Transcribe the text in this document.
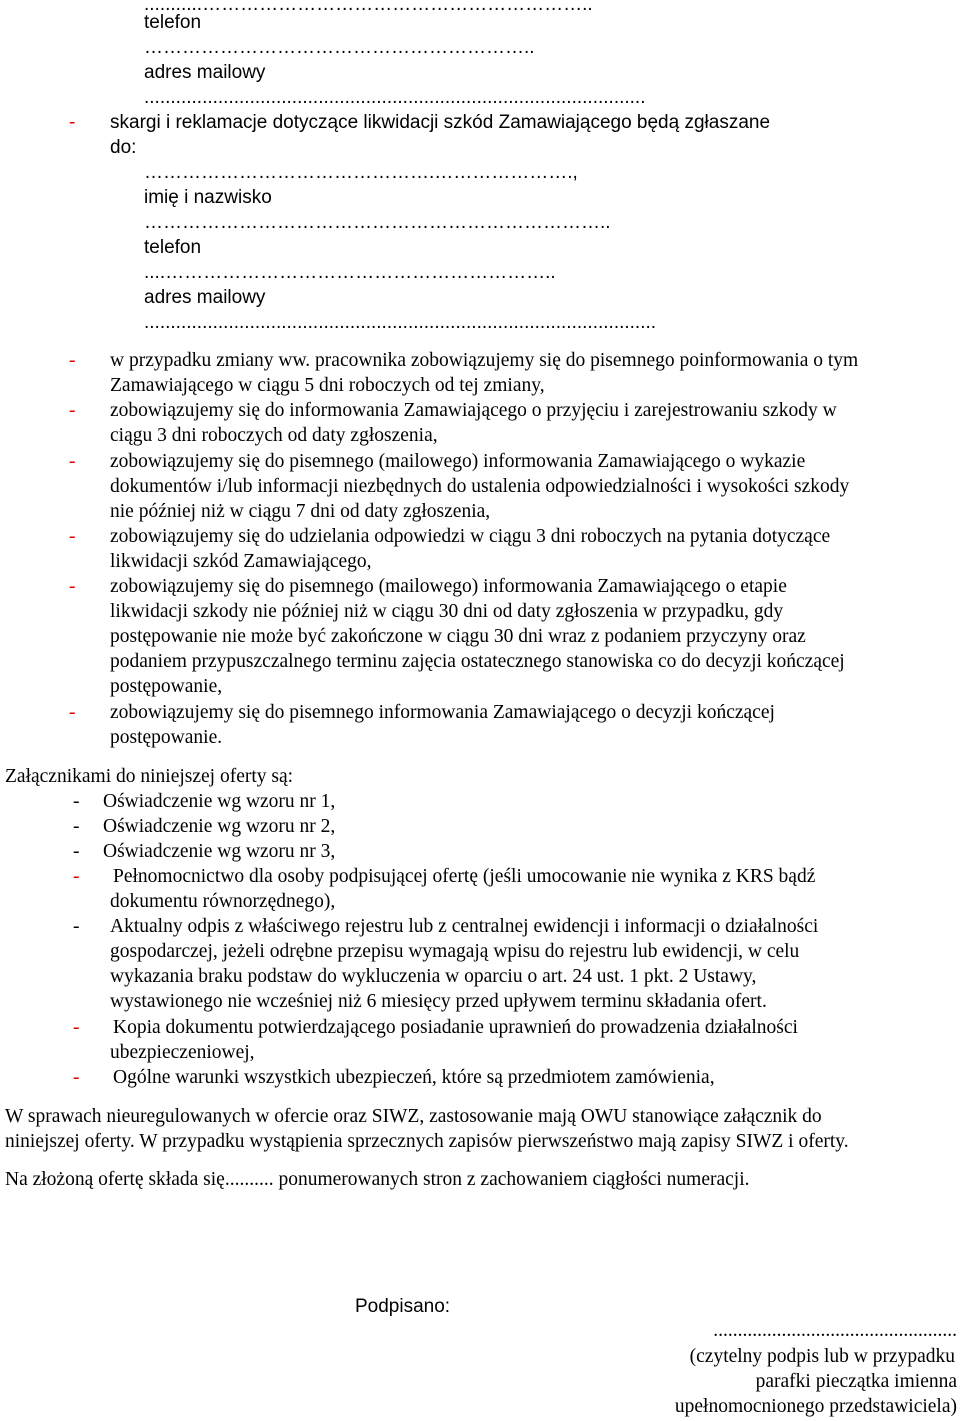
...........……………………………………………………..
telefon
……………………………………………………..
adres mailowy
...............................................................................................
- skargi i reklamacje dotyczące likwidacji szkód Zamawiającego będą zgłaszane
do:
……………………………………….………………….,
imię i nazwisko
………………………………………………………………..
telefon
....……………………………………………………..
adres mailowy
.................................................................................................
- w przypadku zmiany ww. pracownika zobowiązujemy się do pisemnego poinformowania o tym
Zamawiającego w ciągu 5 dni roboczych od tej zmiany,
- zobowiązujemy się do informowania Zamawiającego o przyjęciu i zarejestrowaniu szkody w
ciągu 3 dni roboczych od daty zgłoszenia,
- zobowiązujemy się do pisemnego (mailowego) informowania Zamawiającego o wykazie
dokumentów i/lub informacji niezbędnych do ustalenia odpowiedzialności i wysokości szkody
nie później niż w ciągu 7 dni od daty zgłoszenia,
- zobowiązujemy się do udzielania odpowiedzi w ciągu 3 dni roboczych na pytania dotyczące
likwidacji szkód Zamawiającego,
- zobowiązujemy się do pisemnego (mailowego) informowania Zamawiającego o etapie
likwidacji szkody nie później niż w ciągu 30 dni od daty zgłoszenia w przypadku, gdy
postępowanie nie może być zakończone w ciągu 30 dni wraz z podaniem przyczyny oraz
podaniem przypuszczalnego terminu zajęcia ostatecznego stanowiska co do decyzji kończącej
postępowanie,
- zobowiązujemy się do pisemnego informowania Zamawiającego o decyzji kończącej
postępowanie.
Załącznikami do niniejszej oferty są:
- Oświadczenie wg wzoru nr 1,
- Oświadczenie wg wzoru nr 2,
- Oświadczenie wg wzoru nr 3,
- Pełnomocnictwo dla osoby podpisującej ofertę (jeśli umocowanie nie wynika z KRS bądź
dokumentu równorzędnego),
- Aktualny odpis z właściwego rejestru lub z centralnej ewidencji i informacji o działalności
gospodarczej, jeżeli odrębne przepisu wymagają wpisu do rejestru lub ewidencji, w celu
wykazania braku podstaw do wykluczenia w oparciu o art. 24 ust. 1 pkt. 2 Ustawy,
wystawionego nie wcześniej niż 6 miesięcy przed upływem terminu składania ofert.
- Kopia dokumentu potwierdzającego posiadanie uprawnień do prowadzenia działalności
ubezpieczeniowej,
- Ogólne warunki wszystkich ubezpieczeń, które są przedmiotem zamówienia,
W sprawach nieuregulowanych w ofercie oraz SIWZ, zastosowanie mają OWU stanowiące załącznik do
niniejszej oferty. W przypadku wystąpienia sprzecznych zapisów pierwszeństwo mają zapisy SIWZ i oferty.
Na złożoną ofertę składa się.......... ponumerowanych stron z zachowaniem ciągłości numeracji.
Podpisano:
..................................................
(czytelny podpis lub w przypadku
parafki pieczątka imienna
upełnomocnionego przedstawiciela)
